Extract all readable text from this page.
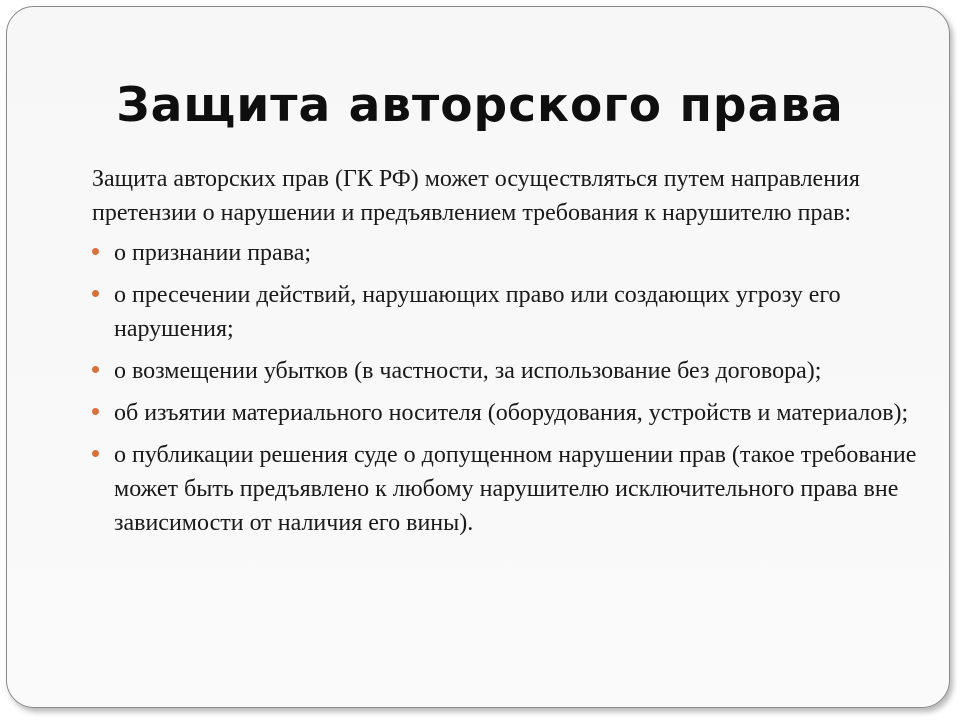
Защита авторского права

Защита авторских прав (ГК РФ) может осуществляться путем направления претензии о нарушении и предъявлением требования к нарушителю прав:

о признании права;
о пресечении действий, нарушающих право или создающих угрозу его нарушения;
о возмещении убытков (в частности, за использование без договора);
об изъятии материального носителя (оборудования, устройств и материалов);
о публикации решения суде о допущенном нарушении прав (такое требование может быть предъявлено к любому нарушителю исключительного права вне зависимости от наличия его вины).
